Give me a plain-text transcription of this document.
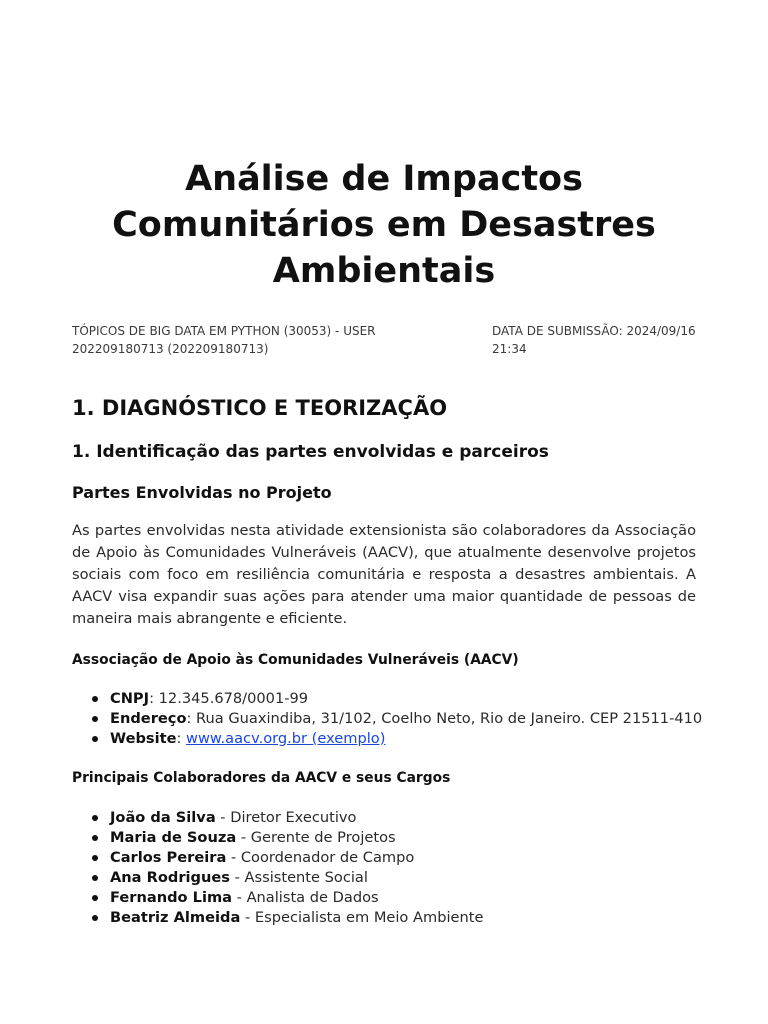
Análise de Impactos Comunitários em Desastres Ambientais
TÓPICOS DE BIG DATA EM PYTHON (30053) - USER 202209180713 (202209180713)
DATA DE SUBMISSÃO: 2024/09/16 21:34
1. DIAGNÓSTICO E TEORIZAÇÃO
1. Identificação das partes envolvidas e parceiros
Partes Envolvidas no Projeto

As partes envolvidas nesta atividade extensionista são colaboradores da Associação de Apoio às Comunidades Vulneráveis (AACV), que atualmente desenvolve projetos sociais com foco em resiliência comunitária e resposta a desastres ambientais. A AACV visa expandir suas ações para atender uma maior quantidade de pessoas de maneira mais abrangente e eficiente.

Associação de Apoio às Comunidades Vulneráveis (AACV)
CNPJ: 12.345.678/0001-99
Endereço: Rua Guaxindiba, 31/102, Coelho Neto, Rio de Janeiro. CEP 21511-410
Website: www.aacv.org.br (exemplo)
Principais Colaboradores da AACV e seus Cargos
João da Silva - Diretor Executivo
Maria de Souza - Gerente de Projetos
Carlos Pereira - Coordenador de Campo
Ana Rodrigues - Assistente Social
Fernando Lima - Analista de Dados
Beatriz Almeida - Especialista em Meio Ambiente
